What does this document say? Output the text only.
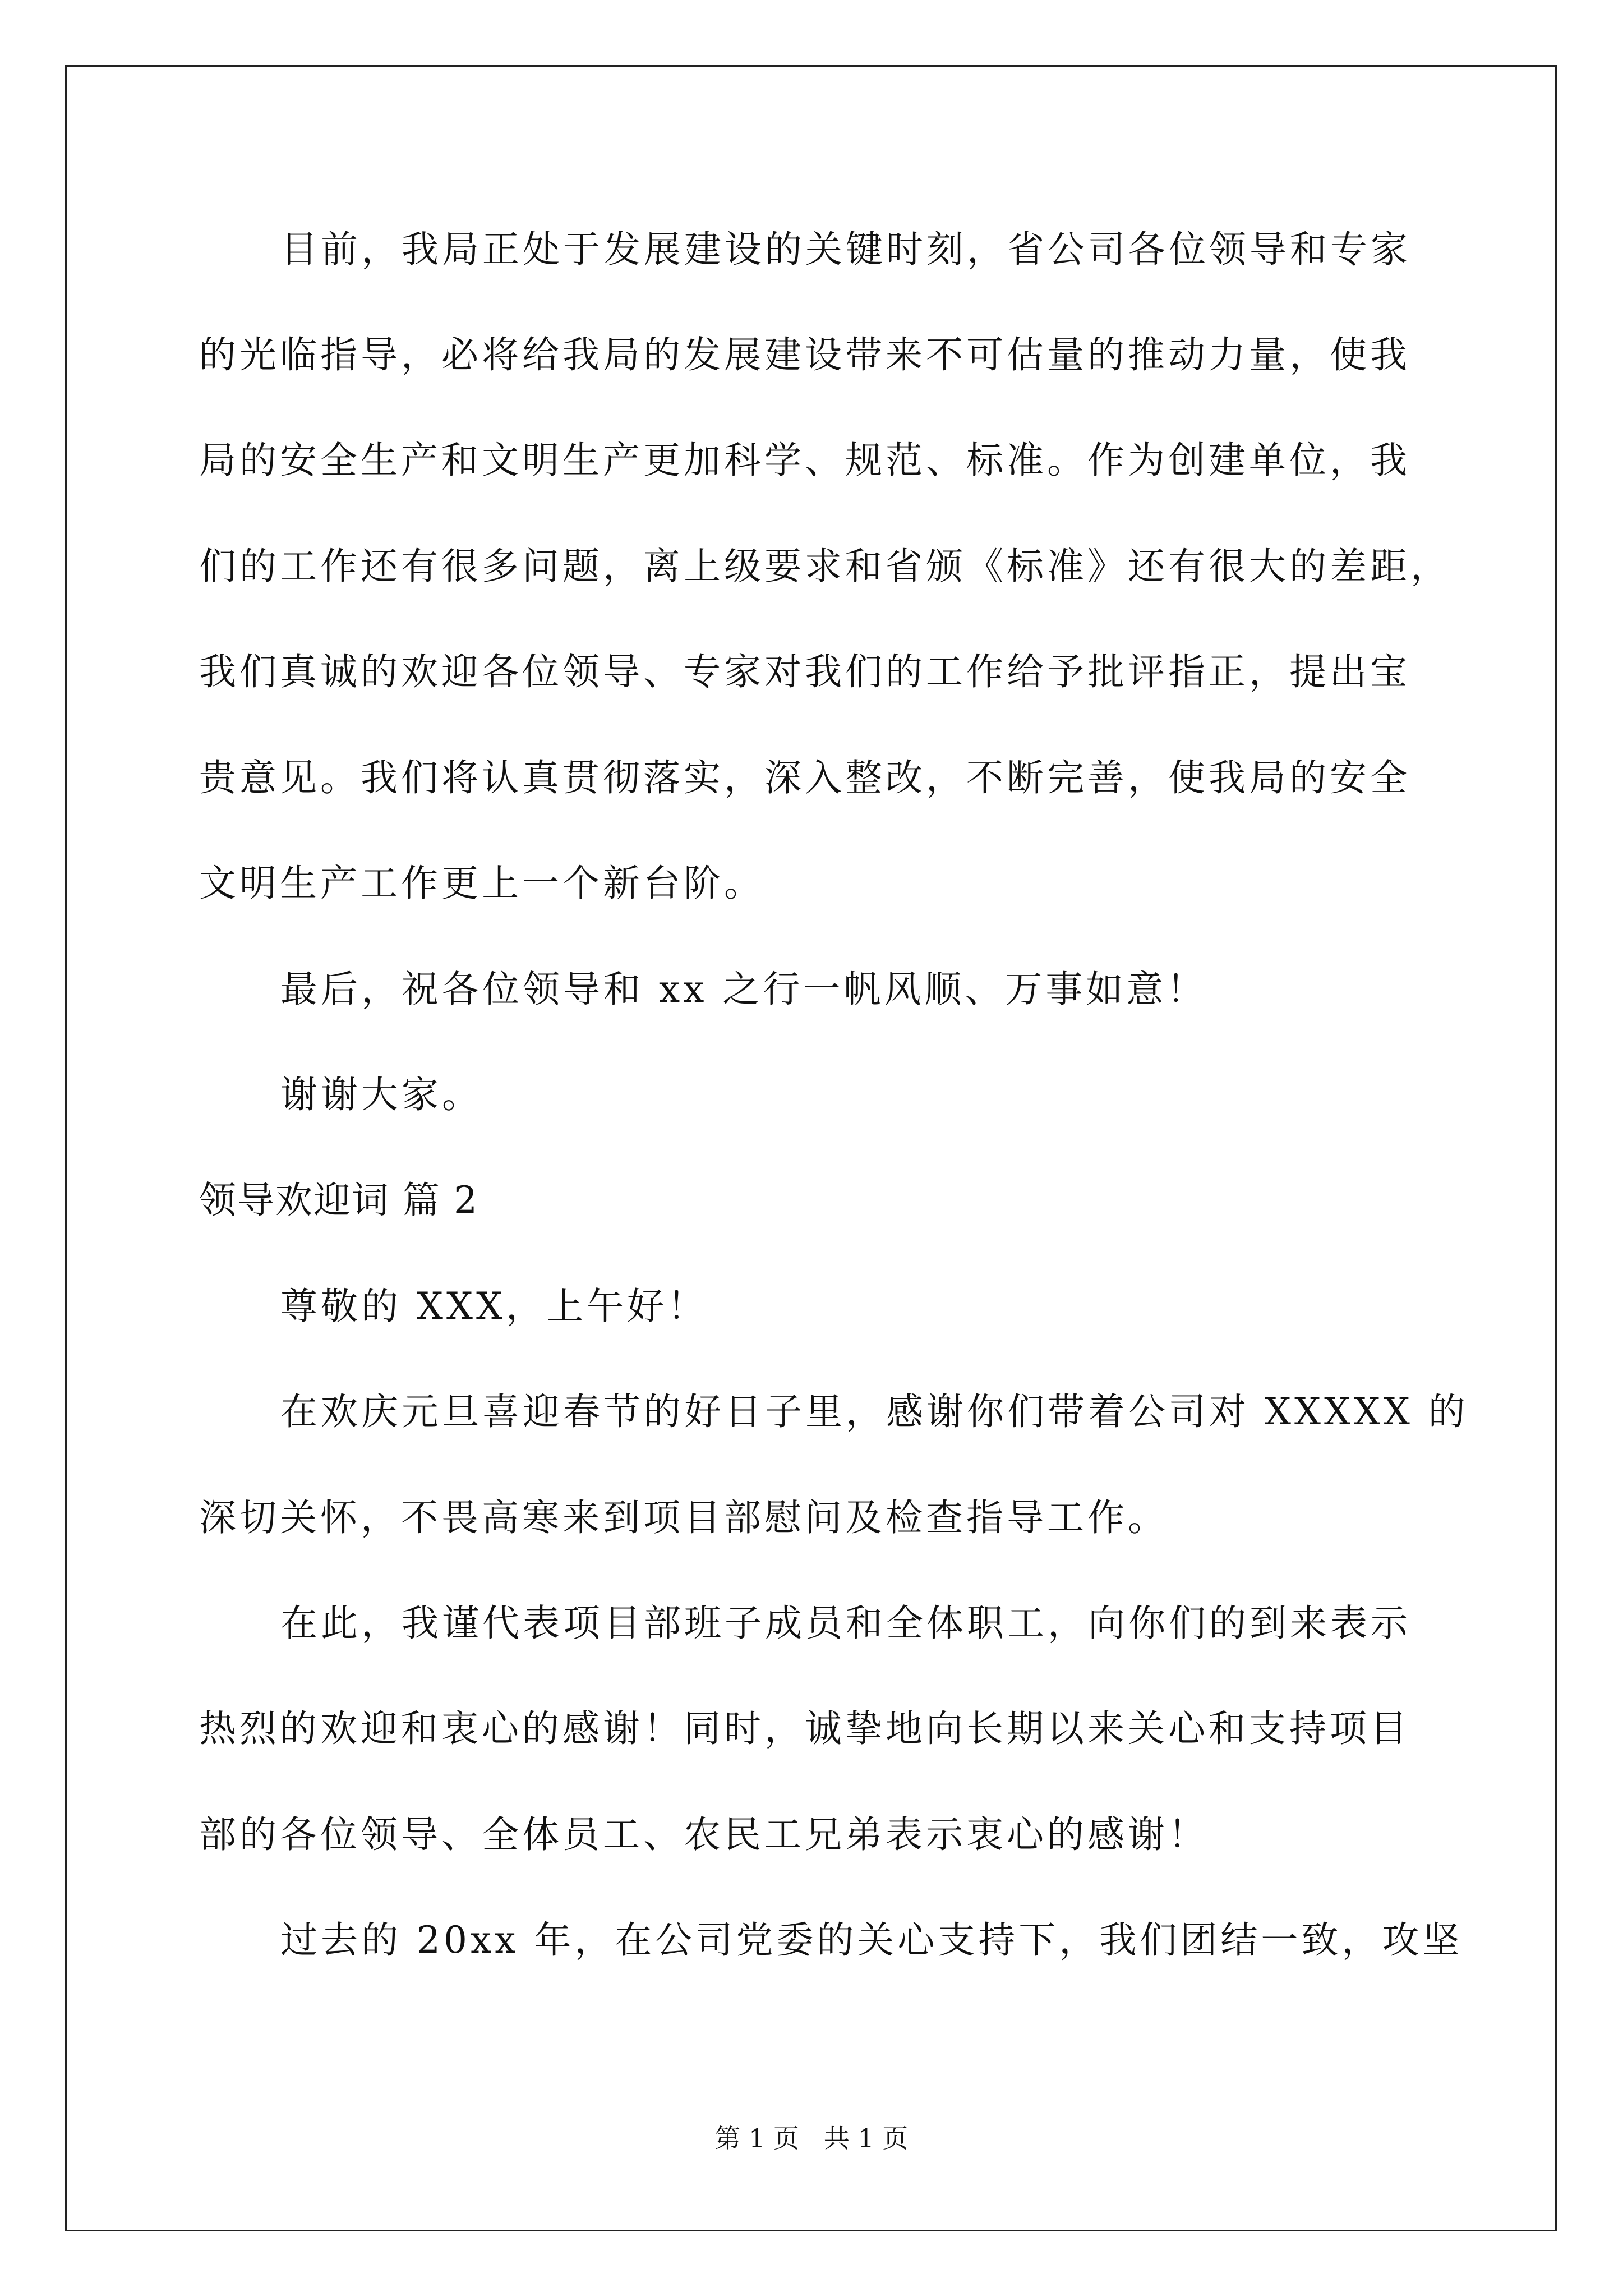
目前，我局正处于发展建设的关键时刻，省公司各位领导和专家
的光临指导，必将给我局的发展建设带来不可估量的推动力量，使我
局的安全生产和文明生产更加科学、规范、标准。作为创建单位，我
们的工作还有很多问题，离上级要求和省颁《标准》还有很大的差距，
我们真诚的欢迎各位领导、专家对我们的工作给予批评指正，提出宝
贵意见。我们将认真贯彻落实，深入整改，不断完善，使我局的安全
文明生产工作更上一个新台阶。
最后，祝各位领导和 xx 之行一帆风顺、万事如意！
谢谢大家。
领导欢迎词 篇 2
尊敬的 XXX，上午好！
在欢庆元旦喜迎春节的好日子里，感谢你们带着公司对 XXXXX 的
深切关怀，不畏高寒来到项目部慰问及检查指导工作。
在此，我谨代表项目部班子成员和全体职工，向你们的到来表示
热烈的欢迎和衷心的感谢！同时，诚挚地向长期以来关心和支持项目
部的各位领导、全体员工、农民工兄弟表示衷心的感谢！
过去的 20xx 年，在公司党委的关心支持下，我们团结一致，攻坚
第 1 页   共 1 页
